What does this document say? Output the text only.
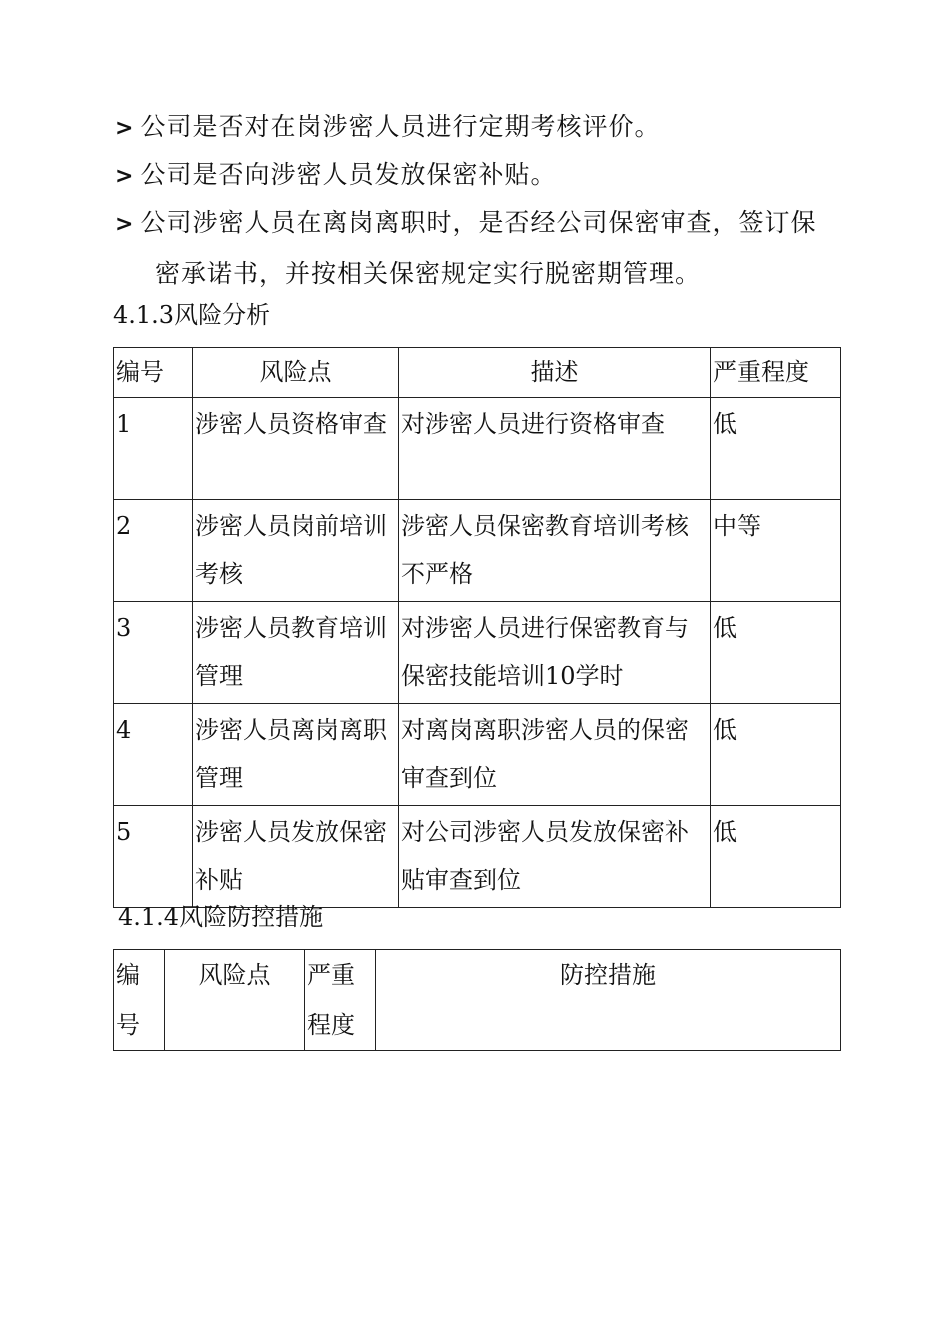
> 公司是否对在岗涉密人员进行定期考核评价。
> 公司是否向涉密人员发放保密补贴。
> 公司涉密人员在离岗离职时，是否经公司保密审查，签订保
密承诺书，并按相关保密规定实行脱密期管理。
4.1.3风险分析
编号	风险点	描述	严重程度
1	涉密人员资格审查	对涉密人员进行资格审查	低
2	涉密人员岗前培训考核	涉密人员保密教育培训考核不严格	中等
3	涉密人员教育培训管理	对涉密人员进行保密教育与保密技能培训10学时	低
4	涉密人员离岗离职管理	对离岗离职涉密人员的保密审查到位	低
5	涉密人员发放保密补贴	对公司涉密人员发放保密补贴审查到位	低
4.1.4风险防控措施
编号	风险点	严重程度	防控措施
